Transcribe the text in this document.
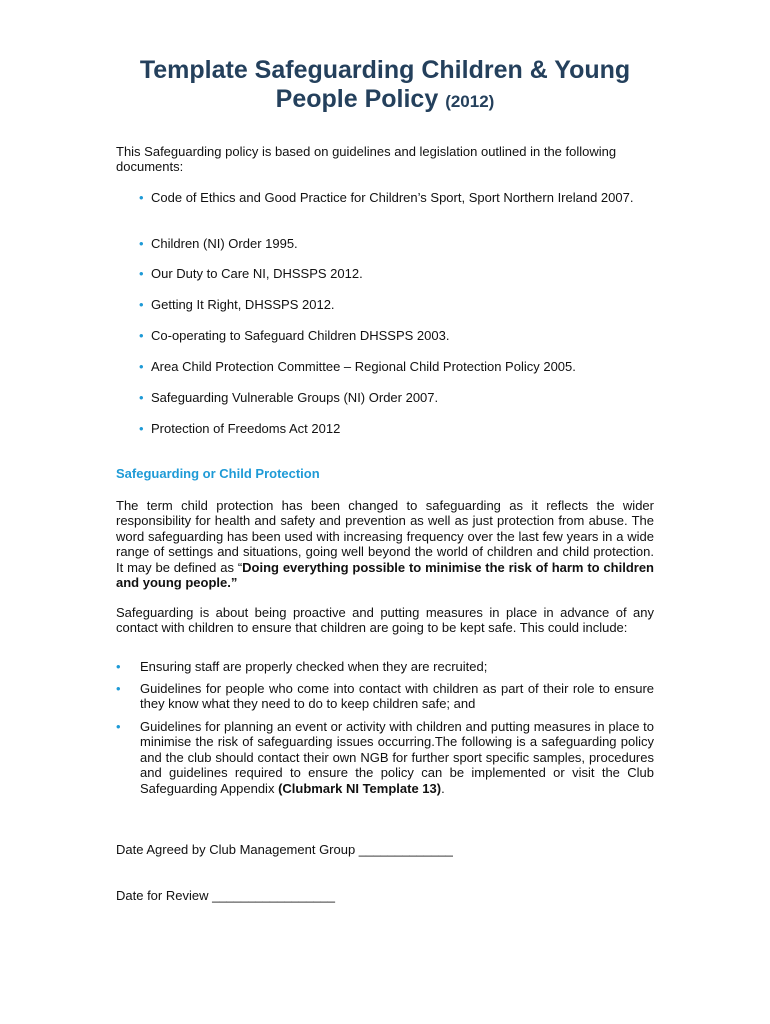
Template Safeguarding Children & Young People Policy (2012)

This Safeguarding policy is based on guidelines and legislation outlined in the following documents:

• Code of Ethics and Good Practice for Children’s Sport, Sport Northern Ireland 2007.
• Children (NI) Order 1995.
• Our Duty to Care NI, DHSSPS 2012.
• Getting It Right, DHSSPS 2012.
• Co-operating to Safeguard Children DHSSPS 2003.
• Area Child Protection Committee – Regional Child Protection Policy 2005.
• Safeguarding Vulnerable Groups (NI) Order 2007.
• Protection of Freedoms Act 2012
Safeguarding or Child Protection

The term child protection has been changed to safeguarding as it reflects the wider responsibility for health and safety and prevention as well as just protection from abuse. The word safeguarding has been used with increasing frequency over the last few years in a wide range of settings and situations, going well beyond the world of children and child protection. It may be defined as “Doing everything possible to minimise the risk of harm to children and young people.”

Safeguarding is about being proactive and putting measures in place in advance of any contact with children to ensure that children are going to be kept safe. This could include:

• Ensuring staff are properly checked when they are recruited;
• Guidelines for people who come into contact with children as part of their role to ensure they know what they need to do to keep children safe; and
• Guidelines for planning an event or activity with children and putting measures in place to minimise the risk of safeguarding issues occurring.The following is a safeguarding policy and the club should contact their own NGB for further sport specific samples, procedures and guidelines required to ensure the policy can be implemented or visit the Club Safeguarding Appendix (Clubmark NI Template 13).

Date Agreed by Club Management Group _____________

Date for Review _________________
